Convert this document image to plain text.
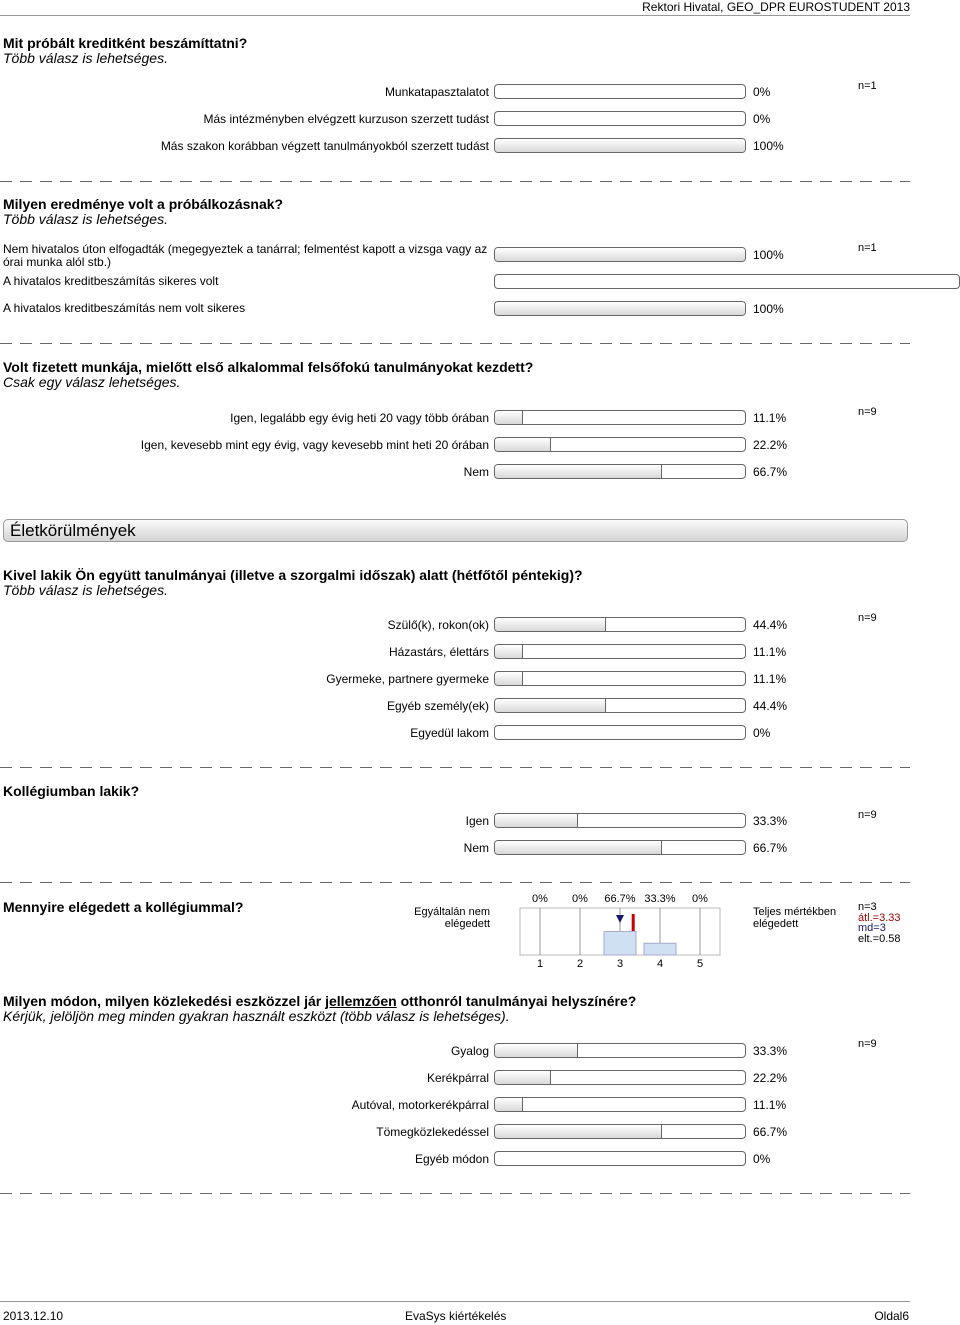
Rektori Hivatal, GEO_DPR EUROSTUDENT 2013
Mit próbált kreditként beszámíttatni?
Több válasz is lehetséges.
n=1
Munkatapasztalatot	0%
Más intézményben elvégzett kurzuson szerzett tudást	0%
Más szakon korábban végzett tanulmányokból szerzett tudást	100%
Milyen eredménye volt a próbálkozásnak?
Több válasz is lehetséges.
n=1
Nem hivatalos úton elfogadták (megegyeztek a tanárral; felmentést kapott a vizsga vagy az órai munka alól stb.)	100%
A hivatalos kreditbeszámítás sikeres volt
A hivatalos kreditbeszámítás nem volt sikeres	100%
Volt fizetett munkája, mielőtt első alkalommal felsőfokú tanulmányokat kezdett?
Csak egy válasz lehetséges.
n=9
Igen, legalább egy évig heti 20 vagy több órában	11.1%
Igen, kevesebb mint egy évig, vagy kevesebb mint heti 20 órában	22.2%
Nem	66.7%
Életkörülmények
Kivel lakik Ön együtt tanulmányai (illetve a szorgalmi időszak) alatt (hétfőtől péntekig)?
Több válasz is lehetséges.
n=9
Szülő(k), rokon(ok)	44.4%
Házastárs, élettárs	11.1%
Gyermeke, partnere gyermeke	11.1%
Egyéb személy(ek)	44.4%
Egyedül lakom	0%
Kollégiumban lakik?
n=9
Igen	33.3%
Nem	66.7%
Mennyire elégedett a kollégiummal?	Egyáltalán nem elégedett
Teljes mértékben elégedett
0%
1
0%
2
66.7%
3
33.3%
4
0%
5
n=3
átl.=3.33
md=3
elt.=0.58
Milyen módon, milyen közlekedési eszközzel jár jellemzően otthonról tanulmányai helyszínére?
Kérjük, jelöljön meg minden gyakran használt eszközt (több válasz is lehetséges).
n=9
Gyalog	33.3%
Kerékpárral	22.2%
Autóval, motorkerékpárral	11.1%
Tömegközlekedéssel	66.7%
Egyéb módon	0%
2013.12.10	EvaSys kiértékelés	Oldal6
